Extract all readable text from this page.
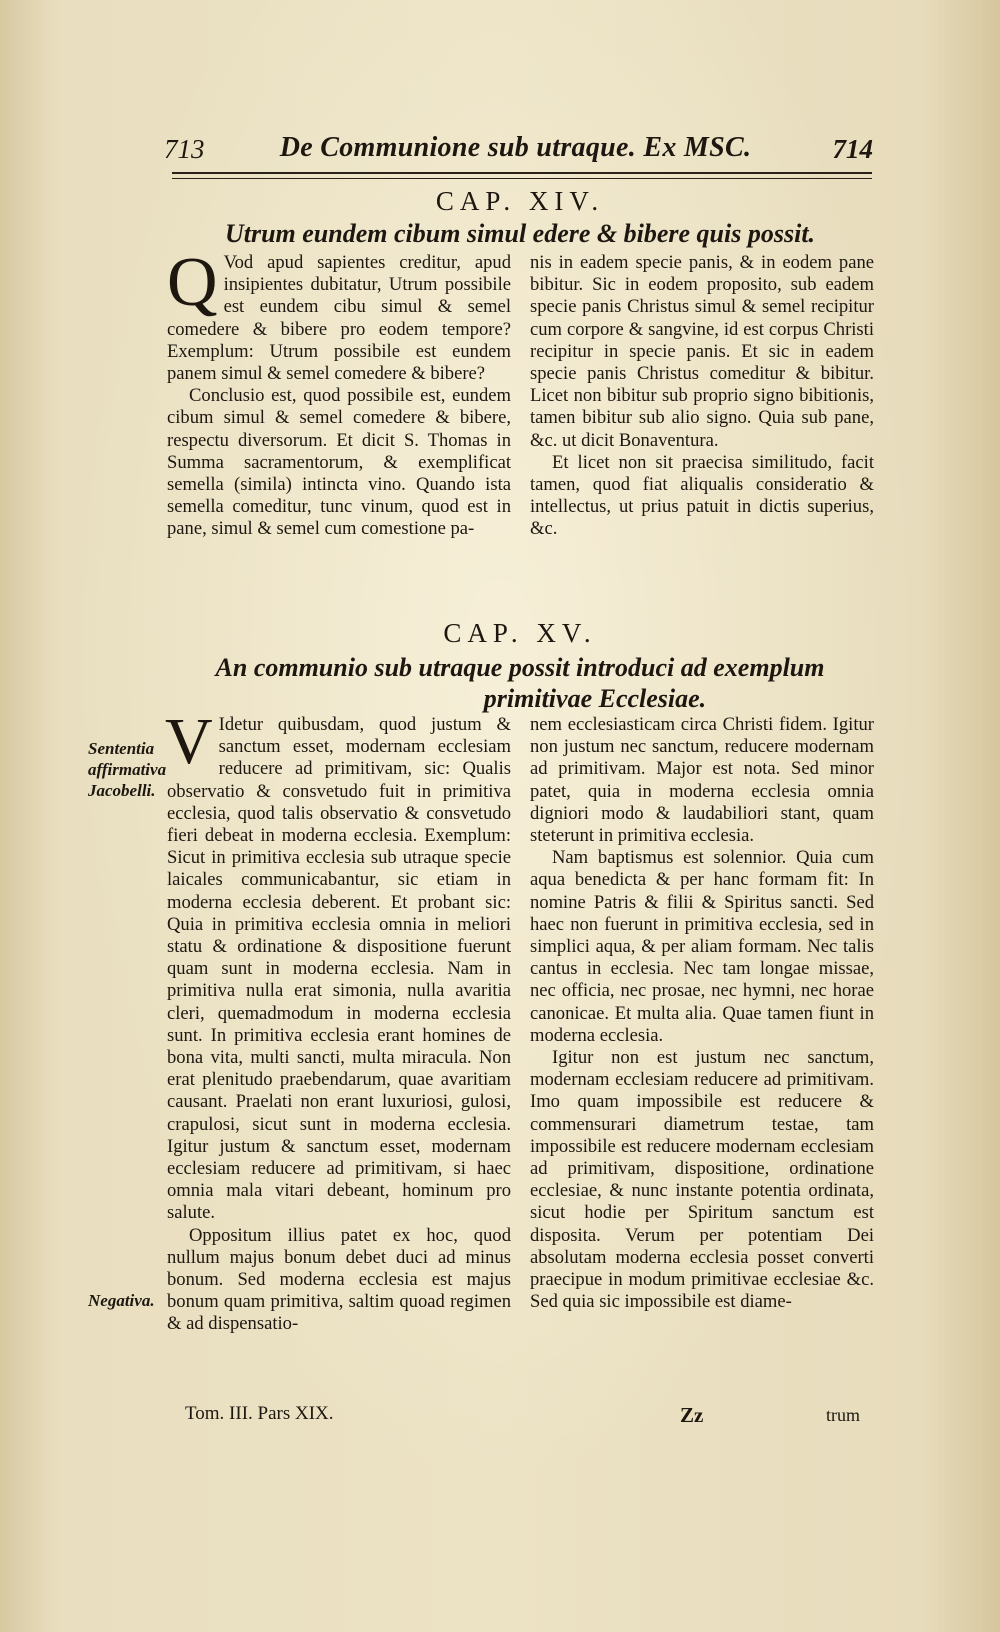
713	De Communione sub utraque. Ex MSC.	714
CAP. XIV.
Utrum eundem cibum simul edere & bibere quis possit.

Q Vod apud sapientes creditur, apud insipientes dubitatur, Utrum possibile est eundem cibu simul & semel comedere & bibere pro eodem tempore? Exemplum: Utrum possibile est eundem panem simul & semel comedere & bibere?

Conclusio est, quod possibile est, eundem cibum simul & semel comedere & bibere, respectu diversorum. Et dicit S. Thomas in Summa sacramentorum, & exemplificat semella (simila) intincta vino. Quando ista semella comeditur, tunc vinum, quod est in pane, simul & semel cum comestione pa-

nis in eadem specie panis, & in eodem pane bibitur. Sic in eodem proposito, sub eadem specie panis Christus simul & semel recipitur cum corpore & sangvine, id est corpus Christi recipitur in specie panis. Et sic in eadem specie panis Christus comeditur & bibitur. Licet non bibitur sub proprio signo bibitionis, tamen bibitur sub alio signo. Quia sub pane, &c. ut dicit Bonaventura.

Et licet non sit praecisa similitudo, facit tamen, quod fiat aliqualis consideratio & intellectus, ut prius patuit in dictis superius, &c.

CAP. XV.
An communio sub utraque possit introduci ad exemplum
primitivae Ecclesiae.
Sententia affirmativa Jacobelli.
Negativa.

V Idetur quibusdam, quod justum & sanctum esset, modernam ecclesiam reducere ad primitivam, sic: Qualis observatio & consvetudo fuit in primitiva ecclesia, quod talis observatio & consvetudo fieri debeat in moderna ecclesia. Exemplum: Sicut in primitiva ecclesia sub utraque specie laicales communicabantur, sic etiam in moderna ecclesia deberent. Et probant sic: Quia in primitiva ecclesia omnia in meliori statu & ordinatione & dispositione fuerunt quam sunt in moderna ecclesia. Nam in primitiva nulla erat simonia, nulla avaritia cleri, quemadmodum in moderna ecclesia sunt. In primitiva ecclesia erant homines de bona vita, multi sancti, multa miracula. Non erat plenitudo praebendarum, quae avaritiam causant. Praelati non erant luxuriosi, gulosi, crapulosi, sicut sunt in moderna ecclesia. Igitur justum & sanctum esset, modernam ecclesiam reducere ad primitivam, si haec omnia mala vitari debeant, hominum pro salute.

Oppositum illius patet ex hoc, quod nullum majus bonum debet duci ad minus bonum. Sed moderna ecclesia est majus bonum quam primitiva, saltim quoad regimen & ad dispensatio-

nem ecclesiasticam circa Christi fidem. Igitur non justum nec sanctum, reducere modernam ad primitivam. Major est nota. Sed minor patet, quia in moderna ecclesia omnia digniori modo & laudabiliori stant, quam steterunt in primitiva ecclesia.

Nam baptismus est solennior. Quia cum aqua benedicta & per hanc formam fit: In nomine Patris & filii & Spiritus sancti. Sed haec non fuerunt in primitiva ecclesia, sed in simplici aqua, & per aliam formam. Nec talis cantus in ecclesia. Nec tam longae missae, nec officia, nec prosae, nec hymni, nec horae canonicae. Et multa alia. Quae tamen fiunt in moderna ecclesia.

Igitur non est justum nec sanctum, modernam ecclesiam reducere ad primitivam. Imo quam impossibile est reducere & commensurari diametrum testae, tam impossibile est reducere modernam ecclesiam ad primitivam, dispositione, ordinatione ecclesiae, & nunc instante potentia ordinata, sicut hodie per Spiritum sanctum est disposita. Verum per potentiam Dei absolutam moderna ecclesia posset converti praecipue in modum primitivae ecclesiae &c. Sed quia sic impossibile est diame-

Tom. III. Pars XIX.	Zz	trum
